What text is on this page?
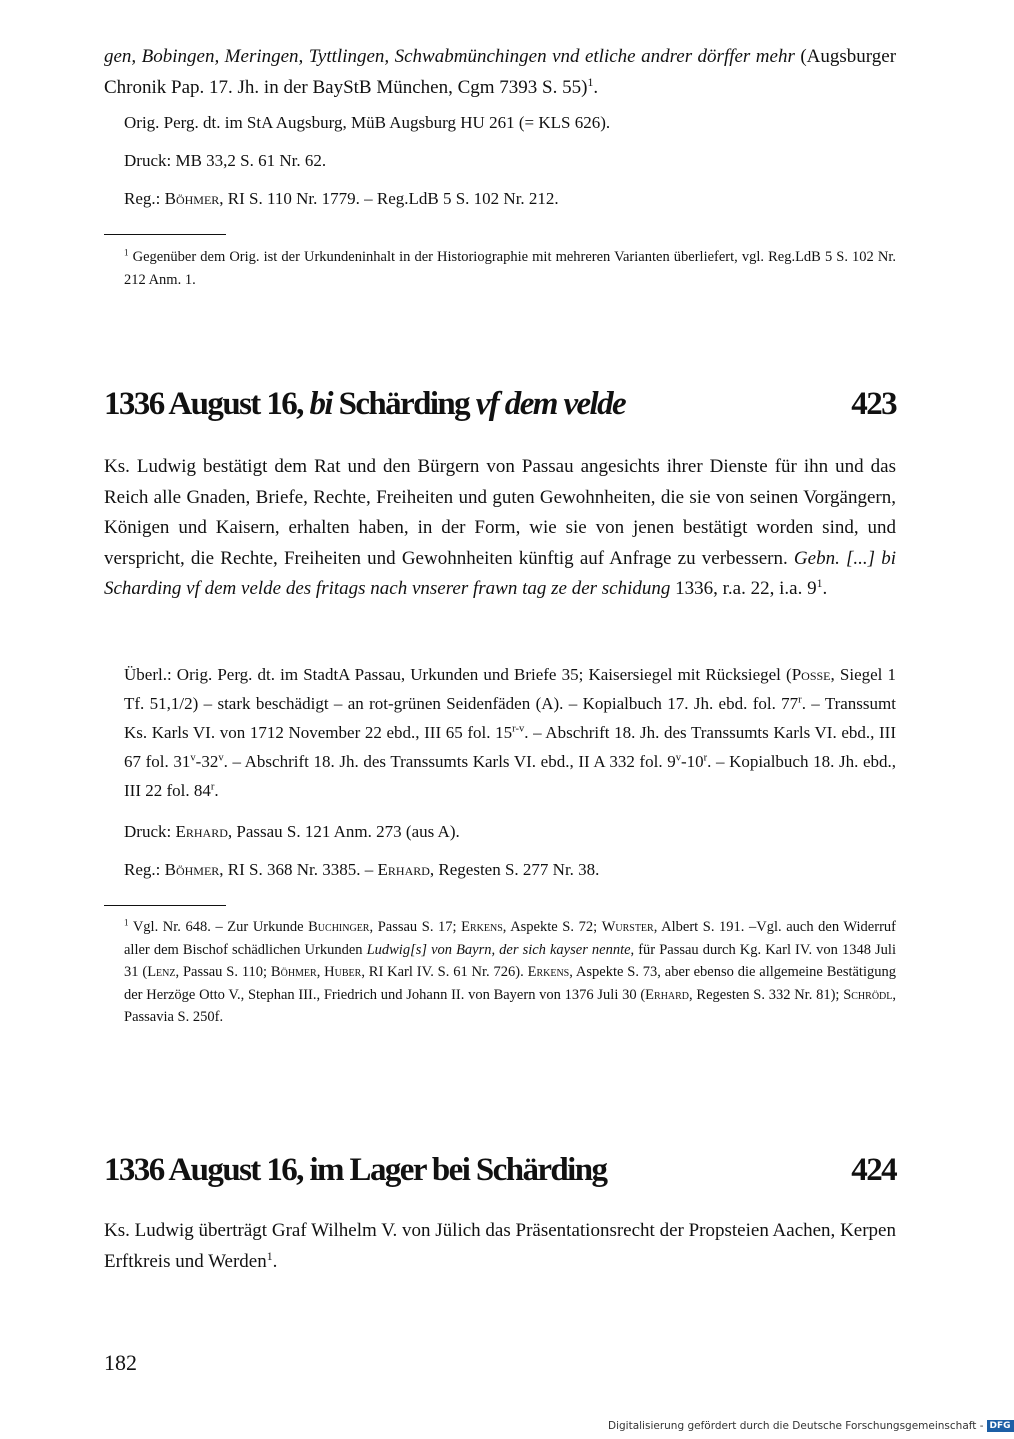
gen, Bobingen, Meringen, Tyttlingen, Schwabmünchingen vnd etliche andrer dörffer mehr (Augsburger Chronik Pap. 17. Jh. in der BayStB München, Cgm 7393 S. 55)$^1$.

Orig. Perg. dt. im StA Augsburg, MüB Augsburg HU 261 (= KLS 626).

Druck: MB 33,2 S. 61 Nr. 62.

Reg.: Böhmer, RI S. 110 Nr. 1779. – Reg.LdB 5 S. 102 Nr. 212.

$^1$ Gegenüber dem Orig. ist der Urkundeninhalt in der Historiographie mit mehreren Varianten überliefert, vgl. Reg.LdB 5 S. 102 Nr. 212 Anm. 1.

1336 August 16, bi Schärding vf dem velde	423

Ks. Ludwig bestätigt dem Rat und den Bürgern von Passau angesichts ihrer Dienste für ihn und das Reich alle Gnaden, Briefe, Rechte, Freiheiten und guten Gewohnheiten, die sie von seinen Vorgängern, Königen und Kaisern, erhalten haben, in der Form, wie sie von jenen bestätigt worden sind, und verspricht, die Rechte, Freiheiten und Gewohnheiten künftig auf Anfrage zu verbessern. Gebn. [...] bi Scharding vf dem velde des fritags nach vnserer frawn tag ze der schidung 1336, r.a. 22, i.a. $9^1$.

Überl.: Orig. Perg. dt. im StadtA Passau, Urkunden und Briefe 35; Kaisersiegel mit Rücksiegel (Posse, Siegel 1 Tf. 51,1/2) – stark beschädigt – an rot-grünen Seidenfäden (A). – Kopialbuch 17. Jh. ebd. fol. 77$^r$. – Transsumt Ks. Karls VI. von 1712 November 22 ebd., III 65 fol. 15$^{r-v}$. – Abschrift 18. Jh. des Transsumts Karls VI. ebd., III 67 fol. 31$^v$-32$^v$. – Abschrift 18. Jh. des Transsumts Karls VI. ebd., II A 332 fol. 9$^v$-10$^r$. – Kopialbuch 18. Jh. ebd., III 22 fol. 84$^r$.

Druck: Erhard, Passau S. 121 Anm. 273 (aus A).

Reg.: Böhmer, RI S. 368 Nr. 3385. – Erhard, Regesten S. 277 Nr. 38.

$^1$ Vgl. Nr. 648. – Zur Urkunde Buchinger, Passau S. 17; Erkens, Aspekte S. 72; Wurster, Albert S. 191. –Vgl. auch den Widerruf aller dem Bischof schädlichen Urkunden Ludwig[s] von Bayrn, der sich kayser nennte, für Passau durch Kg. Karl IV. von 1348 Juli 31 (Lenz, Passau S. 110; Böhmer, Huber, RI Karl IV. S. 61 Nr. 726). Erkens, Aspekte S. 73, aber ebenso die allgemeine Bestätigung der Herzöge Otto V., Stephan III., Friedrich und Johann II. von Bayern von 1376 Juli 30 (Erhard, Regesten S. 332 Nr. 81); Schrödl, Passavia S. 250f.

1336 August 16, im Lager bei Schärding	424

Ks. Ludwig überträgt Graf Wilhelm V. von Jülich das Präsentationsrecht der Propsteien Aachen, Kerpen Erftkreis und Werden$^1$.

182
Digitalisierung gefördert durch die Deutsche Forschungsgemeinschaft - DFG
